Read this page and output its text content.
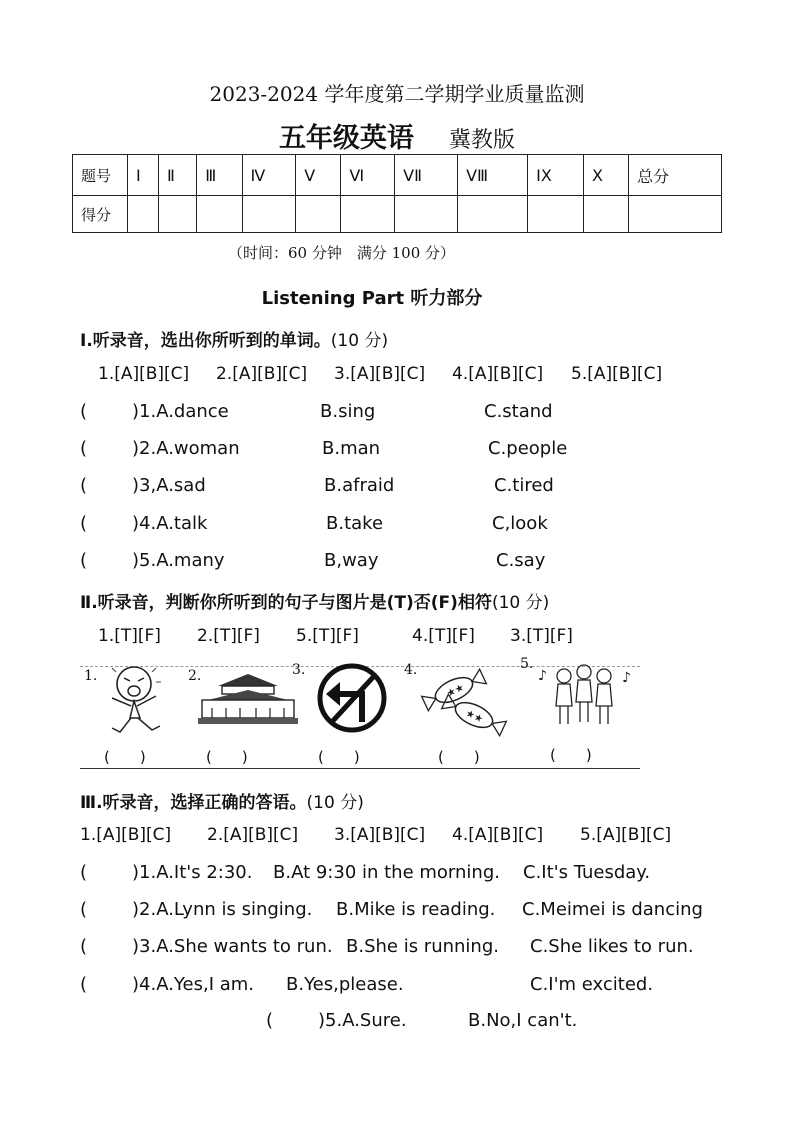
2023-2024 学年度第二学期学业质量监测
五年级英语 冀教版
题号	I	Ⅱ	Ⅲ	Ⅳ	V	Ⅵ	VⅡ	VⅢ	IX	X	总分
得分											
（时间：60 分钟　满分 100 分）
Listening Part 听力部分
I.听录音，选出你所听到的单词。(10 分)
1.[A][B][C] 2.[A][B][C] 3.[A][B][C] 4.[A][B][C] 5.[A][B][C]
( )1.A.dance	B.sing	C.stand
( )2.A.woman	B.man	C.people
( )3,A.sad	B.afraid	C.tired
( )4.A.talk	B.take	C,look
( )5.A.many	B,way	C.say
Ⅱ.听录音，判断你所听到的句子与图片是(T)否(F)相符(10 分)
1.[T][F] 2.[T][F] 5.[T][F]	4.[T][F] 3.[T][F]
1.	2.	3.	4.
★★
★★
5.
♪	♪
(　　)	(　　)	(　　)	(　　)	(　　)
Ⅲ.听录音，选择正确的答语。(10 分)
1.[A][B][C] 2.[A][B][C] 3.[A][B][C] 4.[A][B][C] 5.[A][B][C]
( )1.A.It's 2:30. B.At 9:30 in the morning. C.It's Tuesday.
( )2.A.Lynn is singing. B.Mike is reading. C.Meimei is dancing
( )3.A.She wants to run. B.She is running. C.She likes to run.
( )4.A.Yes,I am. B.Yes,please.	C.I'm excited.
( )5.A.Sure.	B.No,I can't.
